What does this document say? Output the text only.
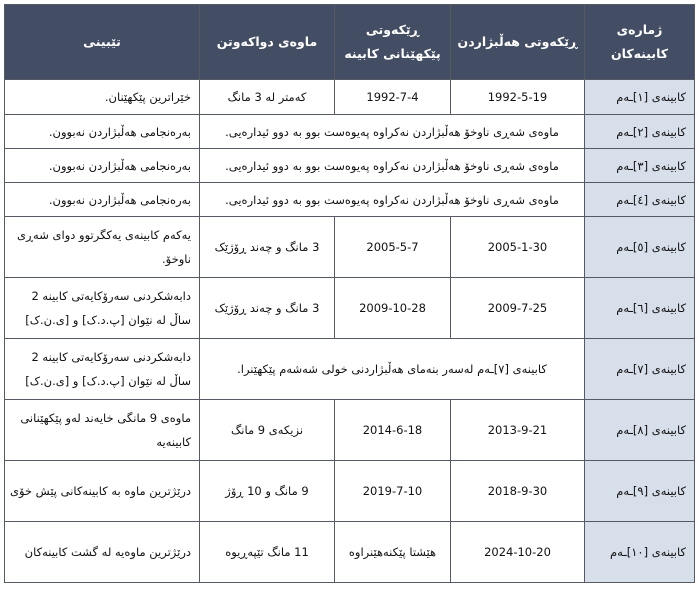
ژمارەی کابینەکان	ڕێکەوتی هەڵبژاردن	ڕێکەوتی پێکهێنانی کابینە	ماوەی دواکەوتن	تێبینی
کابینەی [١]ـەم	1992-5-19	1992-7-4	کەمتر لە 3 مانگ	خێراترین پێکهێنان.
کابینەی [٢]ـەم	ماوەی شەڕی ناوخۆ هەڵبژاردن نەکراوە پەیوەست بوو بە دوو ئیدارەیی.			بەرەنجامی هەڵبژاردن نەبوون.
کابینەی [٣]ـەم	ماوەی شەڕی ناوخۆ هەڵبژاردن نەکراوە پەیوەست بوو بە دوو ئیدارەیی.			بەرەنجامی هەڵبژاردن نەبوون.
کابینەی [٤]ـەم	ماوەی شەڕی ناوخۆ هەڵبژاردن نەکراوە پەیوەست بوو بە دوو ئیدارەیی.			بەرەنجامی هەڵبژاردن نەبوون.
کابینەی [٥]ـەم	2005-1-30	2005-5-7	3 مانگ و چەند ڕۆژێک	یەکەم کابینەی یەکگرتوو دوای شەڕی ناوخۆ.
کابینەی [٦]ـەم	2009-7-25	2009-10-28	3 مانگ و چەند ڕۆژێک	دابەشکردنی سەرۆکایەتی کابینە 2 ساڵ لە نێوان [پ.د.ک] و [ی.ن.ک]
کابینەی [٧]ـەم	کابینەی [٧]ـەم لەسەر بنەمای هەڵبژاردنی خولی شەشەم پێکهێنرا.			دابەشکردنی سەرۆکایەتی کابینە 2 ساڵ لە نێوان [پ.د.ک] و [ی.ن.ک]
کابینەی [٨]ـەم	2013-9-21	2014-6-18	نزیکەی 9 مانگ	ماوەی 9 مانگی خایەند لەو پێکهێنانی کابینەیە
کابینەی [٩]ـەم	2018-9-30	2019-7-10	9 مانگ و 10 ڕۆژ	درێژترین ماوە بە کابینەکانی پێش خۆی
کابینەی [١٠]ـەم	2024-10-20	هێشتا پێکنەهێنراوە	11 مانگ تێپەڕیوە	درێژترین ماوەیە لە گشت کابینەکان
